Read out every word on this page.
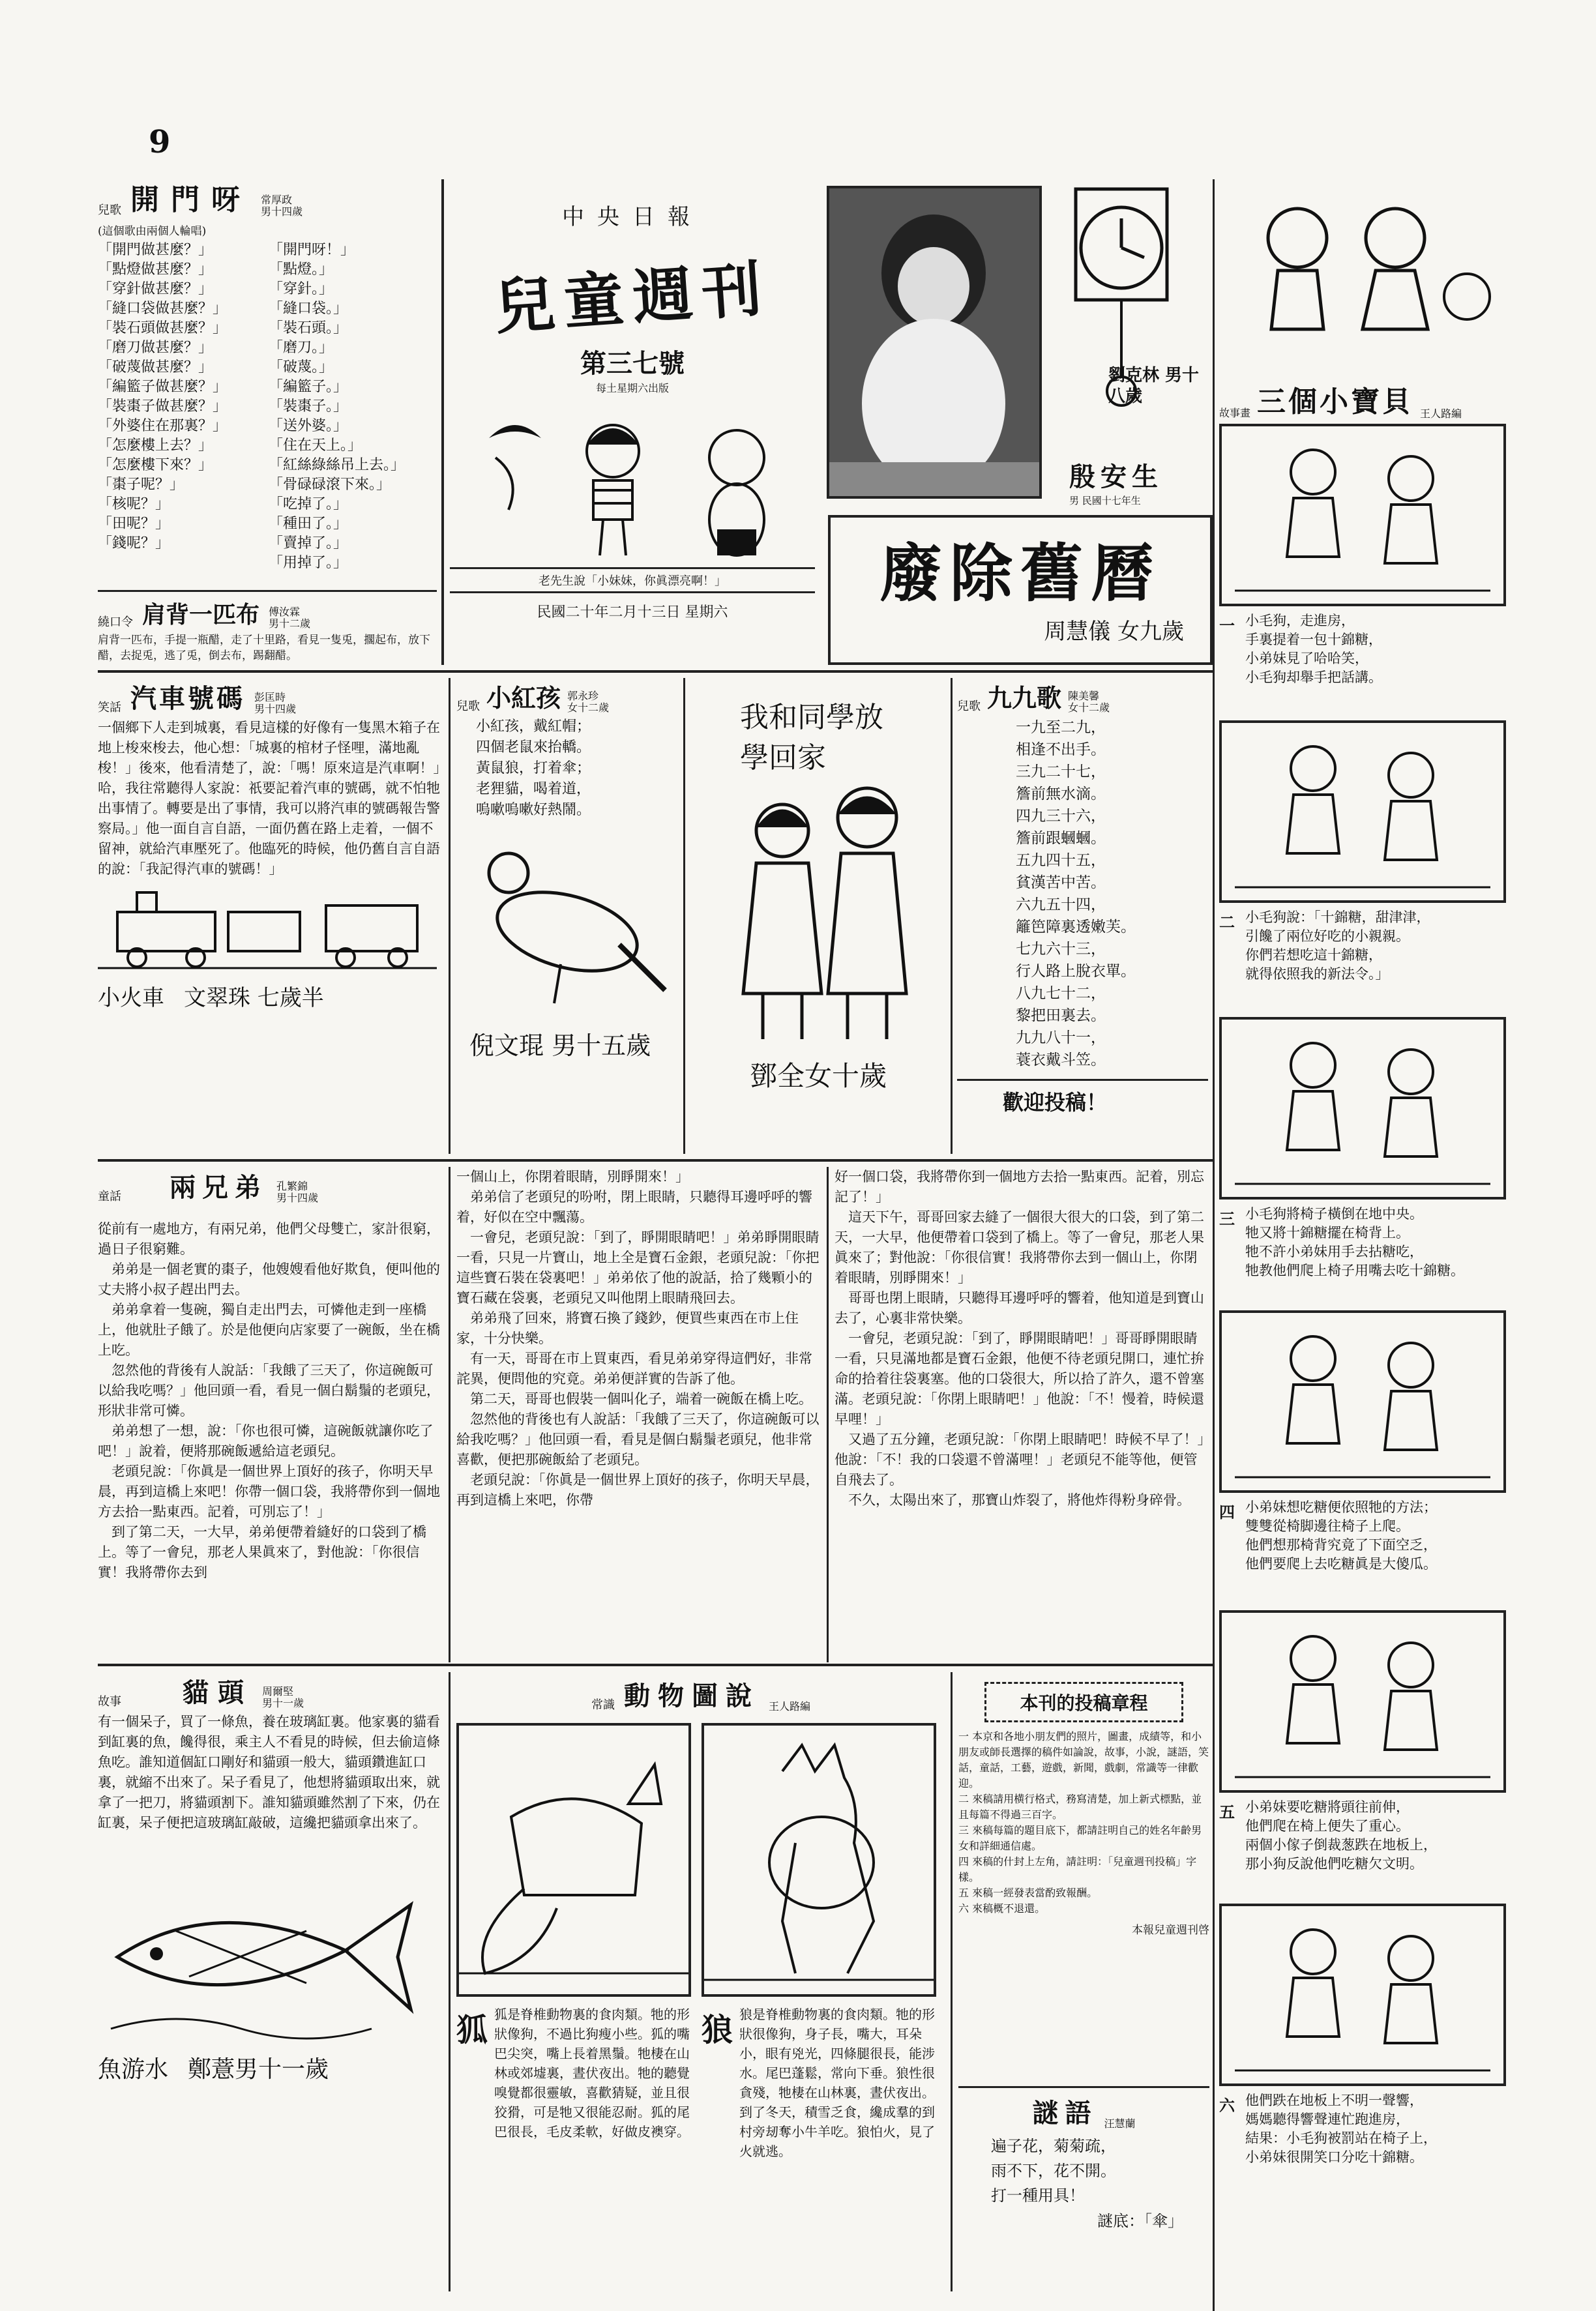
9
兒歌 開門呀 常厚政
男十四歲
(這個歌由兩個人輪唱)
「開門做甚麼？」
「點燈做甚麼？」
「穿針做甚麼？」
「縫口袋做甚麼？」
「裝石頭做甚麼？」
「磨刀做甚麼？」
「破蔑做甚麼？」
「編籃子做甚麼？」
「裝棗子做甚麼？」
「外婆住在那裏？」
「怎麼樓上去？」
「怎麼樓下來？」
「棗子呢？」
「核呢？」
「田呢？」
「錢呢？」
「開門呀！」
「點燈。」
「穿針。」
「縫口袋。」
「裝石頭。」
「磨刀。」
「破蔑。」
「編籃子。」
「裝棗子。」
「送外婆。」
「住在天上。」
「紅絲綠絲吊上去。」
「骨碌碌滾下來。」
「吃掉了。」
「種田了。」
「賣掉了。」
「用掉了。」
繞口令 肩背一匹布 傅汝霖
男十二歲
肩背一匹布，手提一瓶醋，走了十里路，看見一隻兎，擱起布，放下醋，去捉兎，逃了兎，倒去布，踢翻醋。
中央日報
兒童週刊
第三七號
每土星期六出版
老先生說「小妹妹，你眞漂亮啊！」
民國二十年二月十三日 星期六
劉克林 男十八歲
殷安生
男 民國十七年生
廢除舊曆
周慧儀 女九歲
故事畫 三個小寶貝 王人路編
一 小毛狗，走進房，
手裏提着一包十錦糖，
小弟妹見了哈哈笑，
小毛狗却舉手把話講。
二 小毛狗說：「十錦糖，甜津津，
引饞了兩位好吃的小親親。
你們若想吃這十錦糖，
就得依照我的新法令。」
三 小毛狗將椅子橫倒在地中央。
牠又將十錦糖擺在椅背上。
牠不許小弟妹用手去拈糖吃，
牠教他們爬上椅子用嘴去吃十錦糖。
四 小弟妹想吃糖便依照牠的方法；
雙雙從椅脚邊往椅子上爬。
他們想那椅背究竟了下面空乏，
他們要爬上去吃糖眞是大傻瓜。
五 小弟妹要吃糖將頭往前伸，
他們爬在椅上便失了重心。
兩個小傢子倒裁葱跌在地板上，
那小狗反說他們吃糖欠文明。
六 他們跌在地板上不明一聲響，
媽媽聽得響聲連忙跑進房，
結果：小毛狗被罰站在椅子上，
小弟妹很開笑口分吃十錦糖。
笑話 汽車號碼 彭匡時
男十四歲
一個鄉下人走到城裏，看見這樣的好像有一隻黑木箱子在地上梭來梭去，他心想：「城裏的棺材子怪哩，滿地亂梭！」後來，他看清楚了，說：「嗎！原來這是汽車啊！」哈，我往常聽得人家說：祇要記着汽車的號碼，就不怕牠出事情了。轉要是出了事情，我可以將汽車的號碼報告警察局。」他一面自言自語，一面仍舊在路上走着，一個不留神，就給汽車壓死了。他臨死的時候，他仍舊自言自語的說：「我記得汽車的號碼！」
小火車 文翠珠 七歲半
兒歌 小紅孩 郭永珍
女十二歲
小紅孩，戴紅帽；
四個老鼠來抬轎。
黃鼠狼，打着傘；
老狸貓，喝着道，
嗚嗽嗚嗽好熱鬧。
倪文琨 男十五歲
我和同學放學回家
鄧全女十歲
兒歌 九九歌 陳美馨
女十二歲
一九至二九，
相逢不出手。
三九二十七，
簷前無水滴。
四九三十六，
簷前跟蟈蟈。
五九四十五，
貧漢苦中苦。
六九五十四，
籬笆障裏透嫩芙。
七九六十三，
行人路上脫衣單。
八九七十二，
黎把田裏去。
九九八十一，
蓑衣戴斗笠。
歡迎投稿！
童話 兩兄弟 孔繁錦
男十四歲
從前有一處地方，有兩兄弟，他們父母雙亡，家計很窮，過日子很窮難。
　弟弟是一個老實的棗子，他嫂嫂看他好欺負，便叫他的丈夫將小叔子趕出門去。
　弟弟拿着一隻碗，獨自走出門去，可憐他走到一座橋上，他就肚子餓了。於是他便向店家要了一碗飯，坐在橋上吃。
　忽然他的背後有人說話：「我餓了三天了，你這碗飯可以給我吃嗎？」他回頭一看，看見一個白鬍鬚的老頭兒，形狀非常可憐。
　弟弟想了一想，說：「你也很可憐，這碗飯就讓你吃了吧！」說着，便將那碗飯遞給這老頭兒。
　老頭兒說：「你眞是一個世界上頂好的孩子，你明天早晨，再到這橋上來吧！你帶一個口袋，我將帶你到一個地方去拾一點東西。記着，可別忘了！」
　到了第二天，一大早，弟弟便帶着縫好的口袋到了橋上。等了一會兒，那老人果眞來了，對他說：「你很信實！我將帶你去到
一個山上，你閉着眼睛，別睜開來！」
　弟弟信了老頭兒的吩咐，閉上眼睛，只聽得耳邊呼呼的響着，好似在空中飄蕩。
　一會兒，老頭兒說：「到了，睜開眼睛吧！」弟弟睜開眼睛一看，只見一片寶山，地上全是寶石金銀，老頭兒說：「你把這些寶石裝在袋裏吧！」弟弟依了他的說話，拾了幾顆小的寶石藏在袋裏，老頭兒又叫他閉上眼睛飛回去。
　弟弟飛了回來，將寶石換了錢鈔，便買些東西在市上住家，十分快樂。
　有一天，哥哥在市上買東西，看見弟弟穿得這們好，非常詫異，便問他的究竟。弟弟便詳實的告訴了他。
　第二天，哥哥也假裝一個叫化子，端着一碗飯在橋上吃。
　忽然他的背後也有人說話：「我餓了三天了，你這碗飯可以給我吃嗎？」他回頭一看，看見是個白鬍鬚老頭兒，他非常喜歡，便把那碗飯給了老頭兒。
　老頭兒說：「你眞是一個世界上頂好的孩子，你明天早晨，再到這橋上來吧，你帶
好一個口袋，我將帶你到一個地方去拾一點東西。記着，別忘記了！」
　這天下午，哥哥回家去縫了一個很大很大的口袋，到了第二天，一大早，他便帶着口袋到了橋上。等了一會兒，那老人果眞來了；對他說：「你很信實！我將帶你去到一個山上，你閉着眼睛，別睜開來！」
　哥哥也閉上眼睛，只聽得耳邊呼呼的響着，他知道是到寶山去了，心裏非常快樂。
　一會兒，老頭兒說：「到了，睜開眼睛吧！」哥哥睜開眼睛一看，只見滿地都是寶石金銀，他便不待老頭兒開口，連忙拚命的拾着往袋裏塞。他的口袋很大，所以拾了許久，還不曾塞滿。老頭兒說：「你閉上眼睛吧！」他說：「不！慢着，時候還早哩！」
　又過了五分鐘，老頭兒說：「你閉上眼睛吧！時候不早了！」他說：「不！我的口袋還不曾滿哩！」老頭兒不能等他，便管自飛去了。
　不久，太陽出來了，那寶山炸裂了，將他炸得粉身碎骨。
故事 貓頭 周爾堅
男十一歲
有一個呆子，買了一條魚，養在玻璃缸裏。他家裏的貓看到缸裏的魚，饞得很，乘主人不看見的時候，但去偷這條魚吃。誰知道個缸口剛好和貓頭一般大，貓頭鑽進缸口裏，就縮不出來了。呆子看見了，他想將貓頭取出來，就拿了一把刀，將貓頭割下。誰知貓頭雖然割了下來，仍在缸裏，呆子便把這玻璃缸敲破，這纔把貓頭拿出來了。
魚游水 鄭薏男十一歲
常識 動物圖說 王人路編
狐 狐是脊椎動物裏的食肉類。牠的形狀像狗，不過比狗瘦小些。狐的嘴巴尖突，嘴上長着黑鬚。牠棲在山林或郊墟裏，晝伏夜出。牠的聽覺嗅覺都很靈敏，喜歡猜疑，並且很狡猾，可是牠又很能忍耐。狐的尾巴很長，毛皮柔軟，好做皮襖穿。
狼 狼是脊椎動物裏的食肉類。牠的形狀很像狗，身子長，嘴大，耳朵小，眼有兇光，四條腿很長，能涉水。尾巴蓬鬆，常向下垂。狼性很貪殘，牠棲在山林裏，晝伏夜出。到了冬天，積雪乏食，纔成羣的到村旁刼奪小牛羊吃。狼怕火，見了火就逃。
本刊的投稿章程
一 本京和各地小朋友們的照片，圖畫，成績等，和小朋友或師長選擇的稿件如論說，故事，小說，謎語，笑話，童話，工藝，遊戲，新聞，戲劇，常識等一律歡迎。
二 來稿請用横行格式，務寫清楚，加上新式標點，並且每篇不得過三百字。
三 來稿每篇的題目底下，都請註明自己的姓名年齡男女和詳細通信處。
四 來稿的什封上左角，請註明：「兒童週刊投稿」字樣。
五 來稿一經發表當酌致報酬。
六 來稿概不退還。
本報兒童週刊啓
謎語 汪慧蘭
遍子花，菊菊疏，
雨不下，花不開。
打一種用具！
謎底：「傘」
